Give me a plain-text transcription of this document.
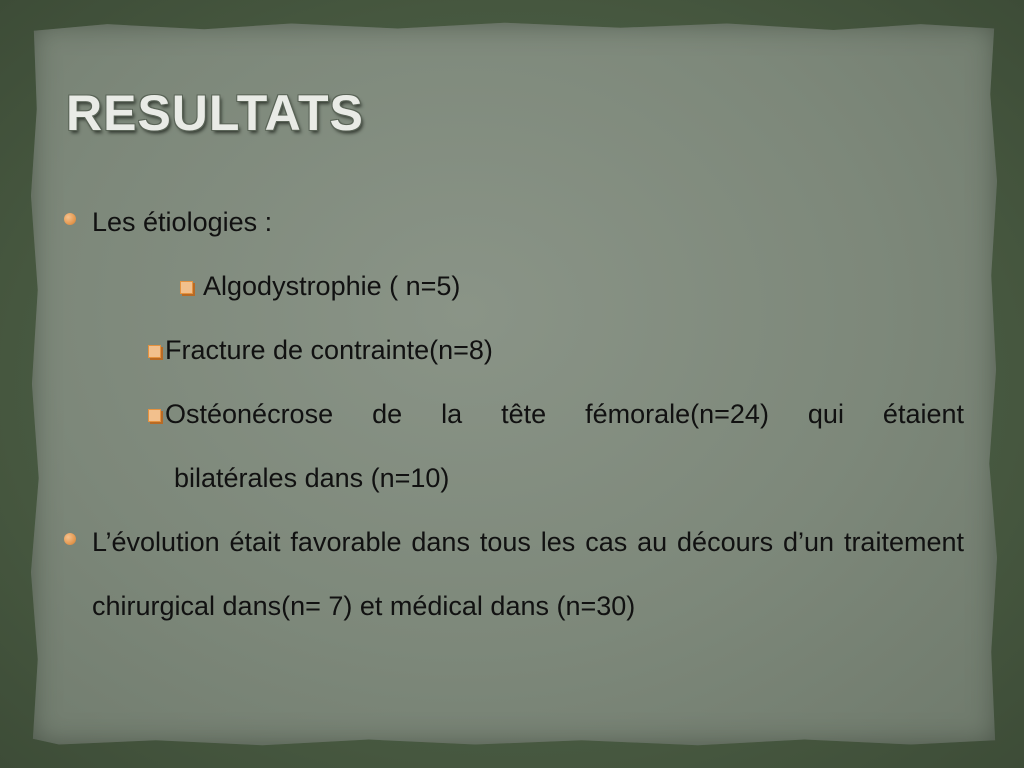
RESULTATS
Les étiologies :
Algodystrophie ( n=5)
Fracture de contrainte(n=8)
Ostéonécrose de la tête fémorale(n=24) qui étaient
bilatérales dans (n=10)
L’évolution était favorable dans tous les cas au décours d’un traitement chirurgical dans(n= 7) et médical dans (n=30)
